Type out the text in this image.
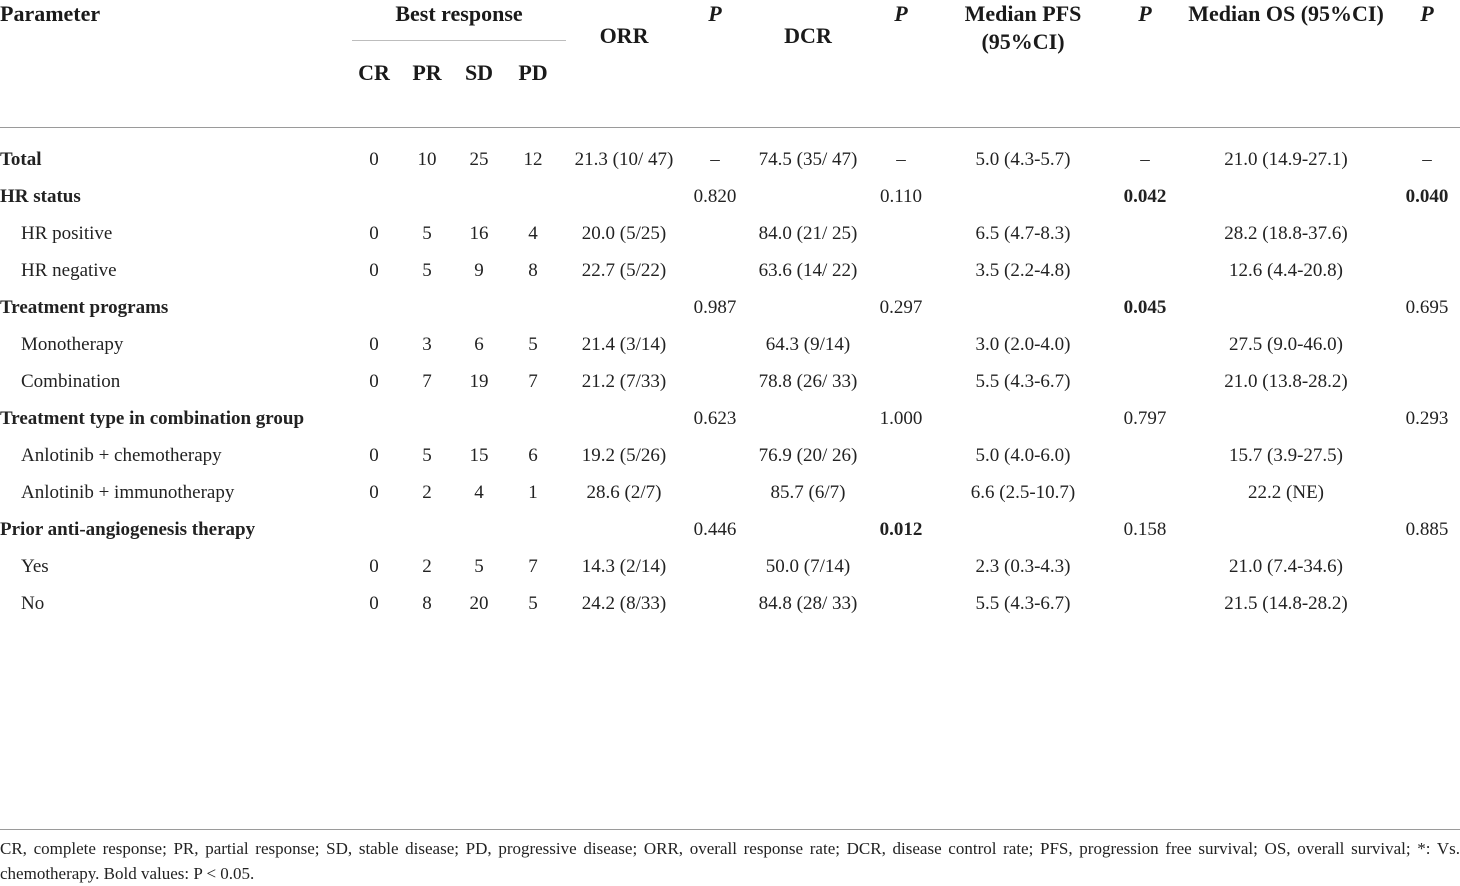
Parameter	Best response				ORR	P	DCR	P	Median PFS (95%CI)	P	Median OS (95%CI)	P
	CR	PR	SD	PD								

Total	0	10	25	12	21.3 (10/ 47)	–	74.5 (35/ 47)	–	5.0 (4.3-5.7)	–	21.0 (14.9-27.1)	–
HR status						0.820		0.110		0.042		0.040
HR positive	0	5	16	4	20.0 (5/25)		84.0 (21/ 25)		6.5 (4.7-8.3)		28.2 (18.8-37.6)	
HR negative	0	5	9	8	22.7 (5/22)		63.6 (14/ 22)		3.5 (2.2-4.8)		12.6 (4.4-20.8)	
Treatment programs						0.987		0.297		0.045		0.695
Monotherapy	0	3	6	5	21.4 (3/14)		64.3 (9/14)		3.0 (2.0-4.0)		27.5 (9.0-46.0)	
Combination	0	7	19	7	21.2 (7/33)		78.8 (26/ 33)		5.5 (4.3-6.7)		21.0 (13.8-28.2)	
Treatment type in combination group						0.623		1.000		0.797		0.293
Anlotinib + chemotherapy	0	5	15	6	19.2 (5/26)		76.9 (20/ 26)		5.0 (4.0-6.0)		15.7 (3.9-27.5)	
Anlotinib + immunotherapy	0	2	4	1	28.6 (2/7)		85.7 (6/7)		6.6 (2.5-10.7)		22.2 (NE)	
Prior anti-angiogenesis therapy						0.446		0.012		0.158		0.885
Yes	0	2	5	7	14.3 (2/14)		50.0 (7/14)		2.3 (0.3-4.3)		21.0 (7.4-34.6)	
No	0	8	20	5	24.2 (8/33)		84.8 (28/ 33)		5.5 (4.3-6.7)		21.5 (14.8-28.2)	
CR, complete response; PR, partial response; SD, stable disease; PD, progressive disease; ORR, overall response rate; DCR, disease control rate; PFS, progression free survival; OS, overall survival; *: Vs. chemotherapy. Bold values: P < 0.05.
